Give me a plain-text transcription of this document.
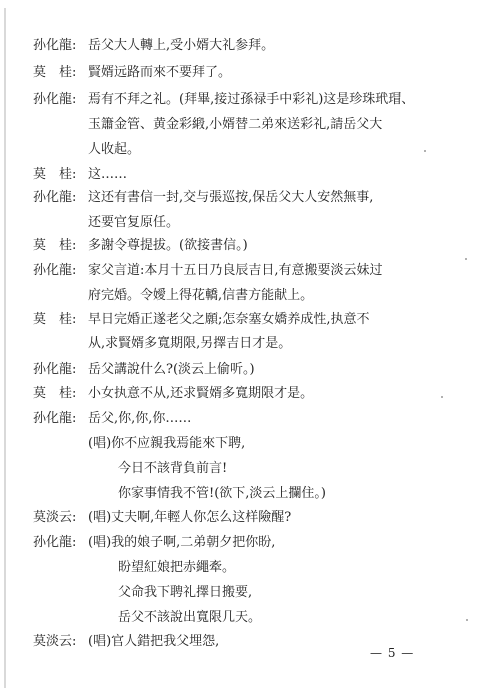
孙化龍: 岳父大人轉上,受小婿大礼参拜。
莫　桂: 賢婿远路而來不要拜了。
孙化龍: 焉有不拜之礼。(拜畢,接过孫禄手中彩礼)这是珍珠玳瑁、
玉簫金管、黄金彩緞,小婿替二弟來送彩礼,請岳父大
人收起。
莫　桂: 这……
孙化龍: 这还有書信一封,交与張巡按,保岳父大人安然無事,
还要官复原任。
莫　桂: 多謝令尊提拔。(欲接書信。)
孙化龍: 家父言道:本月十五日乃良辰吉日,有意搬要淡云妹过
府完婚。令嬡上得花轎,信書方能献上。
莫　桂: 早日完婚正遂老父之願;怎奈塞女嬌养成性,执意不
从,求賢婿多寬期限,另擇吉日才是。
孙化龍: 岳父講說什么?(淡云上偷听。)
莫　桂: 小女执意不从,还求賢婿多寬期限才是。
孙化龍: 岳父,你,你,你……
(唱)你不应親我焉能來下聘,
今日不該背負前言!
你家事情我不管!(欲下,淡云上攔住。)
莫淡云: (唱)丈夫啊,年輕人你怎么这样險醒?
孙化龍: (唱)我的娘子啊,二弟朝夕把你盼,
盼望紅娘把赤繩牽。
父命我下聘礼擇日搬要,
岳父不該說出寬限几天。
莫淡云: (唱)官人錯把我父埋怨,
— 5 —
